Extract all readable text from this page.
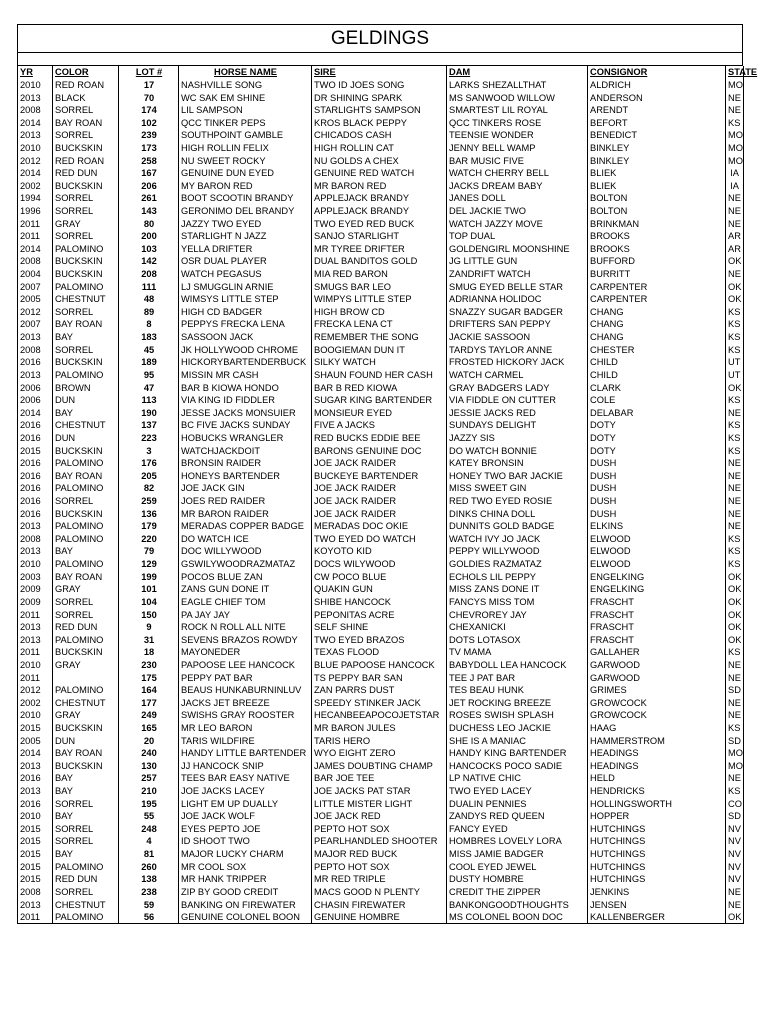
GELDINGS
YR	COLOR	LOT #	HORSE NAME	SIRE	DAM	CONSIGNOR	STATE
2010	RED ROAN	17	NASHVILLE SONG	TWO ID JOES SONG	LARKS SHEZALLTHAT	ALDRICH	MO
2013	BLACK	70	WC SAK EM SHINE	DR SHINING SPARK	MS SANWOOD WILLOW	ANDERSON	NE
2008	SORREL	174	LIL SAMPSON	STARLIGHTS SAMPSON	SMARTEST LIL ROYAL	ARENDT	NE
2014	BAY ROAN	102	QCC TINKER PEPS	KROS BLACK PEPPY	QCC TINKERS ROSE	BEFORT	KS
2013	SORREL	239	SOUTHPOINT GAMBLE	CHICADOS CASH	TEENSIE WONDER	BENEDICT	MO
2010	BUCKSKIN	173	HIGH ROLLIN FELIX	HIGH ROLLIN CAT	JENNY BELL WAMP	BINKLEY	MO
2012	RED ROAN	258	NU SWEET ROCKY	NU GOLDS A CHEX	BAR MUSIC FIVE	BINKLEY	MO
2014	RED DUN	167	GENUINE DUN EYED	GENUINE RED WATCH	WATCH CHERRY BELL	BLIEK	IA
2002	BUCKSKIN	206	MY BARON RED	MR BARON RED	JACKS DREAM BABY	BLIEK	IA
1994	SORREL	261	BOOT SCOOTIN BRANDY	APPLEJACK BRANDY	JANES DOLL	BOLTON	NE
1996	SORREL	143	GERONIMO DEL BRANDY	APPLEJACK BRANDY	DEL JACKIE TWO	BOLTON	NE
2011	GRAY	80	JAZZY TWO EYED	TWO EYED RED BUCK	WATCH JAZZY MOVE	BRINKMAN	NE
2011	SORREL	200	STARLIGHT N JAZZ	SANJO STARLIGHT	TOP DUAL	BROOKS	AR
2014	PALOMINO	103	YELLA DRIFTER	MR TYREE DRIFTER	GOLDENGIRL MOONSHINE	BROOKS	AR
2008	BUCKSKIN	142	OSR DUAL PLAYER	DUAL BANDITOS GOLD	JG LITTLE GUN	BUFFORD	OK
2004	BUCKSKIN	208	WATCH PEGASUS	MIA RED BARON	ZANDRIFT WATCH	BURRITT	NE
2007	PALOMINO	111	LJ SMUGGLIN ARNIE	SMUGS BAR LEO	SMUG EYED BELLE STAR	CARPENTER	OK
2005	CHESTNUT	48	WIMSYS LITTLE STEP	WIMPYS LITTLE STEP	ADRIANNA HOLIDOC	CARPENTER	OK
2012	SORREL	89	HIGH CD BADGER	HIGH BROW CD	SNAZZY SUGAR BADGER	CHANG	KS
2007	BAY ROAN	8	PEPPYS FRECKA LENA	FRECKA LENA CT	DRIFTERS SAN PEPPY	CHANG	KS
2013	BAY	183	SASSOON JACK	REMEMBER THE SONG	JACKIE SASSOON	CHANG	KS
2008	SORREL	45	JK HOLLYWOOD CHROME	BOOGIEMAN DUN IT	TARDYS TAYLOR ANNE	CHESTER	KS
2016	BUCKSKIN	189	HICKORYBARTENDERBUCK	SILKY WATCH	FROSTED HICKORY JACK	CHILD	UT
2013	PALOMINO	95	MISSIN MR CASH	SHAUN FOUND HER CASH	WATCH CARMEL	CHILD	UT
2006	BROWN	47	BAR B KIOWA HONDO	BAR B RED KIOWA	GRAY BADGERS LADY	CLARK	OK
2006	DUN	113	VIA KING ID FIDDLER	SUGAR KING BARTENDER	VIA FIDDLE ON CUTTER	COLE	KS
2014	BAY	190	JESSE JACKS MONSUIER	MONSIEUR EYED	JESSIE JACKS RED	DELABAR	NE
2016	CHESTNUT	137	BC FIVE JACKS SUNDAY	FIVE A JACKS	SUNDAYS DELIGHT	DOTY	KS
2016	DUN	223	HOBUCKS WRANGLER	RED BUCKS EDDIE BEE	JAZZY SIS	DOTY	KS
2015	BUCKSKIN	3	WATCHJACKDOIT	BARONS GENUINE DOC	DO WATCH BONNIE	DOTY	KS
2016	PALOMINO	176	BRONSIN RAIDER	JOE JACK RAIDER	KATEY BRONSIN	DUSH	NE
2016	BAY ROAN	205	HONEYS BARTENDER	BUCKEYE BARTENDER	HONEY TWO BAR JACKIE	DUSH	NE
2016	PALOMINO	82	JOE JACK GIN	JOE JACK RAIDER	MISS SWEET GIN	DUSH	NE
2016	SORREL	259	JOES RED RAIDER	JOE JACK RAIDER	RED TWO EYED ROSIE	DUSH	NE
2016	BUCKSKIN	136	MR BARON RAIDER	JOE JACK RAIDER	DINKS CHINA DOLL	DUSH	NE
2013	PALOMINO	179	MERADAS COPPER BADGE	MERADAS DOC OKIE	DUNNITS GOLD BADGE	ELKINS	NE
2008	PALOMINO	220	DO WATCH ICE	TWO EYED DO WATCH	WATCH IVY JO JACK	ELWOOD	KS
2013	BAY	79	DOC WILLYWOOD	KOYOTO KID	PEPPY WILLYWOOD	ELWOOD	KS
2010	PALOMINO	129	GSWILYWOODRAZMATAZ	DOCS WILYWOOD	GOLDIES RAZMATAZ	ELWOOD	KS
2003	BAY ROAN	199	POCOS BLUE ZAN	CW POCO BLUE	ECHOLS LIL PEPPY	ENGELKING	OK
2009	GRAY	101	ZANS GUN DONE IT	QUAKIN GUN	MISS ZANS DONE IT	ENGELKING	OK
2009	SORREL	104	EAGLE CHIEF TOM	SHIBE HANCOCK	FANCYS MISS TOM	FRASCHT	OK
2011	SORREL	150	PA JAY JAY	PEPONITAS ACRE	CHEVROREY JAY	FRASCHT	OK
2013	RED DUN	9	ROCK N ROLL ALL NITE	SELF SHINE	CHEXANICKI	FRASCHT	OK
2013	PALOMINO	31	SEVENS BRAZOS ROWDY	TWO EYED BRAZOS	DOTS LOTASOX	FRASCHT	OK
2011	BUCKSKIN	18	MAYONEDER	TEXAS FLOOD	TV MAMA	GALLAHER	KS
2010	GRAY	230	PAPOOSE LEE HANCOCK	BLUE PAPOOSE HANCOCK	BABYDOLL LEA HANCOCK	GARWOOD	NE
2011		175	PEPPY PAT BAR	TS PEPPY BAR SAN	TEE J PAT BAR	GARWOOD	NE
2012	PALOMINO	164	BEAUS HUNKABURNINLUV	ZAN PARRS DUST	TES BEAU HUNK	GRIMES	SD
2002	CHESTNUT	177	JACKS JET BREEZE	SPEEDY STINKER JACK	JET ROCKING BREEZE	GROWCOCK	NE
2010	GRAY	249	SWISHS GRAY ROOSTER	HECANBEEAPOCOJETSTAR	ROSES SWISH SPLASH	GROWCOCK	NE
2015	BUCKSKIN	165	MR LEO BARON	MR BARON JULES	DUCHESS LEO JACKIE	HAAG	KS
2005	DUN	20	TARIS WILDFIRE	TARIS HERO	SHE IS A MANIAC	HAMMERSTROM	SD
2014	BAY ROAN	240	HANDY LITTLE BARTENDER	WYO EIGHT ZERO	HANDY KING BARTENDER	HEADINGS	MO
2013	BUCKSKIN	130	JJ HANCOCK SNIP	JAMES DOUBTING CHAMP	HANCOCKS POCO SADIE	HEADINGS	MO
2016	BAY	257	TEES BAR EASY NATIVE	BAR JOE TEE	LP NATIVE CHIC	HELD	NE
2013	BAY	210	JOE JACKS LACEY	JOE JACKS PAT STAR	TWO EYED LACEY	HENDRICKS	KS
2016	SORREL	195	LIGHT EM UP DUALLY	LITTLE MISTER LIGHT	DUALIN PENNIES	HOLLINGSWORTH	CO
2010	BAY	55	JOE JACK WOLF	JOE JACK RED	ZANDYS RED QUEEN	HOPPER	SD
2015	SORREL	248	EYES PEPTO JOE	PEPTO HOT SOX	FANCY EYED	HUTCHINGS	NV
2015	SORREL	4	ID SHOOT TWO	PEARLHANDLED SHOOTER	HOMBRES LOVELY LORA	HUTCHINGS	NV
2015	BAY	81	MAJOR LUCKY CHARM	MAJOR RED BUCK	MISS JAMIE BADGER	HUTCHINGS	NV
2015	PALOMINO	260	MR COOL SOX	PEPTO HOT SOX	COOL EYED JEWEL	HUTCHINGS	NV
2015	RED DUN	138	MR HANK TRIPPER	MR RED TRIPLE	DUSTY HOMBRE	HUTCHINGS	NV
2008	SORREL	238	ZIP BY GOOD CREDIT	MACS GOOD N PLENTY	CREDIT THE ZIPPER	JENKINS	NE
2013	CHESTNUT	59	BANKING ON FIREWATER	CHASIN FIREWATER	BANKONGOODTHOUGHTS	JENSEN	NE
2011	PALOMINO	56	GENUINE COLONEL BOON	GENUINE HOMBRE	MS COLONEL BOON DOC	KALLENBERGER	OK
